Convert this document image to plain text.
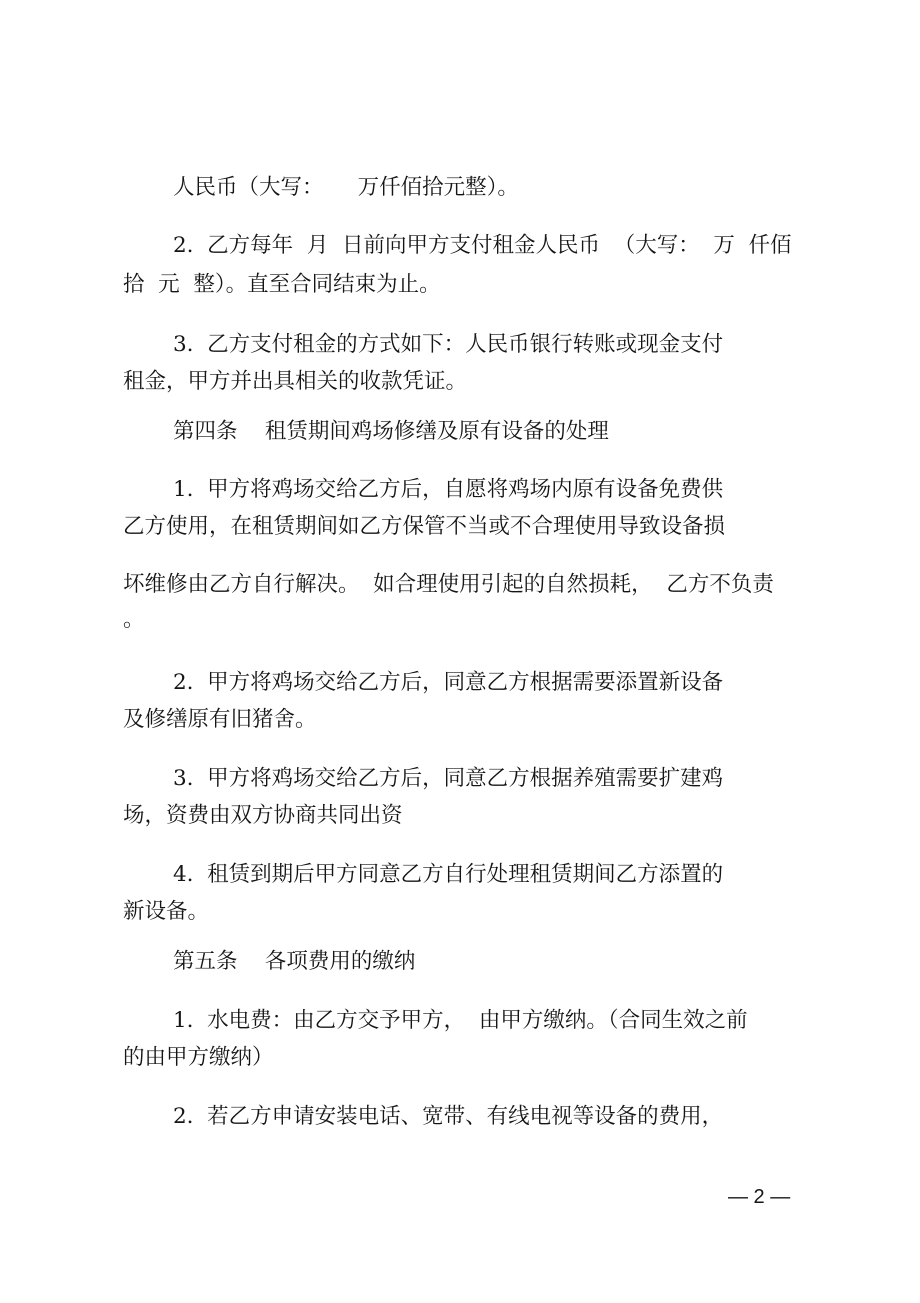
人民币（大写：     万仟佰拾元整）。
2.  乙方每年  月  日前向甲方支付租金人民币  （大写：  万  仟佰
拾  元  整）。直至合同结束为止。
3.  乙方支付租金的方式如下：人民币银行转账或现金支付
租金，甲方并出具相关的收款凭证。
第四条    租赁期间鸡场修缮及原有设备的处理
1.  甲方将鸡场交给乙方后，自愿将鸡场内原有设备免费供
乙方使用，在租赁期间如乙方保管不当或不合理使用导致设备损
坏维修由乙方自行解决。  如合理使用引起的自然损耗，  乙方不负责
。
2.  甲方将鸡场交给乙方后，同意乙方根据需要添置新设备
及修缮原有旧猪舍。
3.  甲方将鸡场交给乙方后，同意乙方根据养殖需要扩建鸡
场，资费由双方协商共同出资
4.  租赁到期后甲方同意乙方自行处理租赁期间乙方添置的
新设备。
第五条    各项费用的缴纳
1.  水电费：由乙方交予甲方，  由甲方缴纳。（合同生效之前
的由甲方缴纳）
2.  若乙方申请安装电话、宽带、有线电视等设备的费用，
— 2 —
